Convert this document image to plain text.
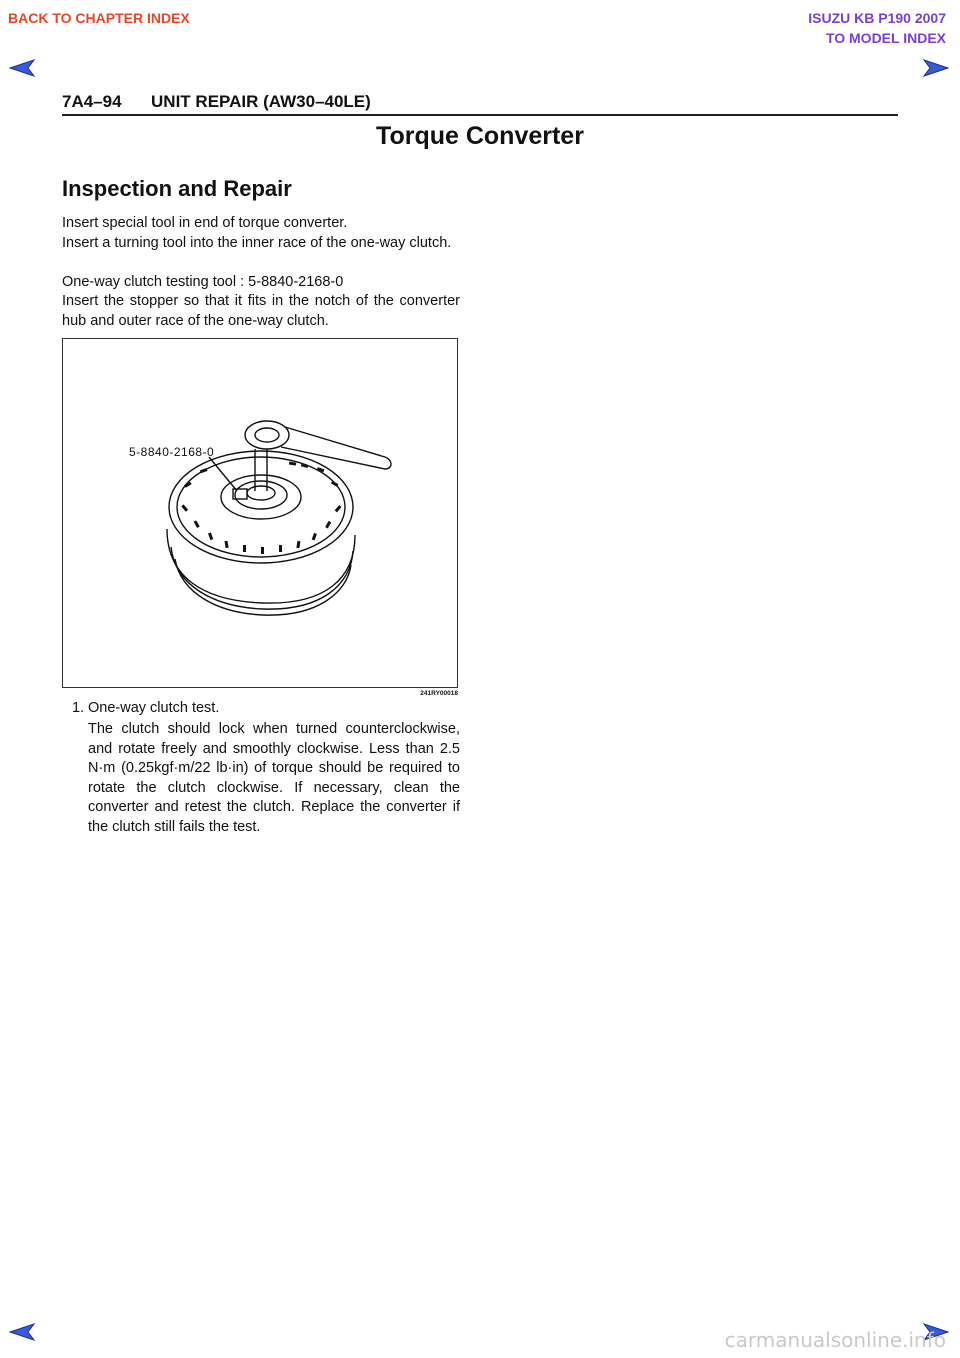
BACK TO CHAPTER INDEX	ISUZU KB P190 2007
TO MODEL INDEX
7A4–94 UNIT REPAIR (AW30–40LE)
Torque Converter
Inspection and Repair
Insert special tool in end of torque converter.
Insert a turning tool into the inner race of the one-way clutch.
One-way clutch testing tool : 5-8840-2168-0
Insert the stopper so that it fits in the notch of the converter hub and outer race of the one-way clutch.
5-8840-2168-0
241RY00018
1. One-way clutch test.
The clutch should lock when turned counterclockwise, and rotate freely and smoothly clockwise. Less than 2.5 N·m (0.25kgf·m/22 lb·in) of torque should be required to rotate the clutch clockwise. If necessary, clean the converter and retest the clutch. Replace the converter if the clutch still fails the test.
carmanualsonline.info
